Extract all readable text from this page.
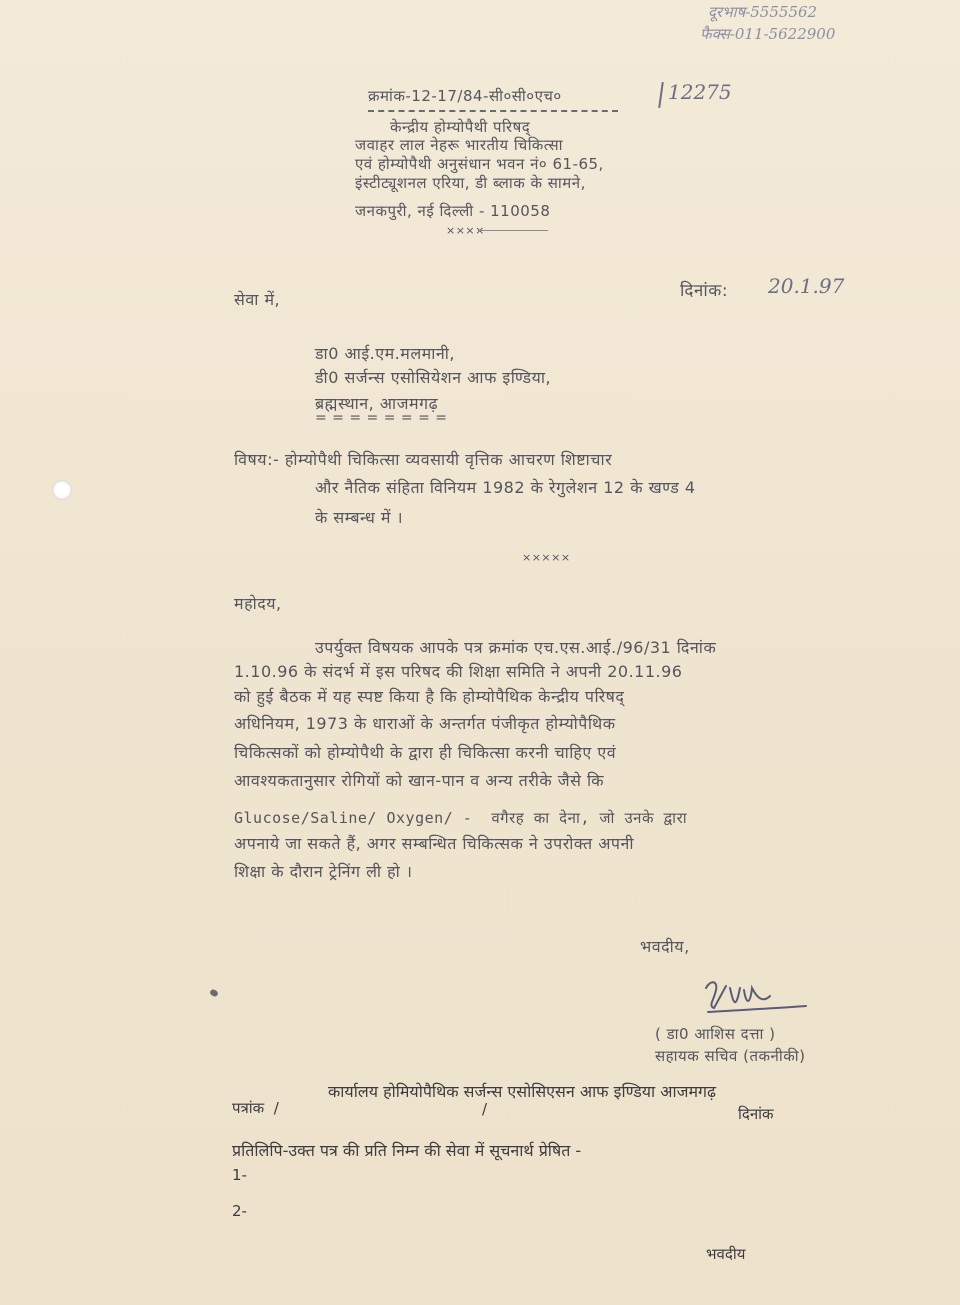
दूरभाष-5555562
फैक्स-011-5622900
क्रमांक-12-17/84-सी०सी०एच०	12275
केन्द्रीय होम्योपैथी परिषद्
जवाहर लाल नेहरू भारतीय चिकित्सा
एवं होम्योपैथी अनुसंधान भवन नं० 61-65,
इंस्टीट्यूशनल एरिया, डी ब्लाक के सामने,
जनकपुरी, नई दिल्ली - 110058
××××
दिनांक: 20.1.97
सेवा में,
डा0 आई.एम.मलमानी,
डी0 सर्जन्स एसोसियेशन आफ इण्डिया,
ब्रह्मस्थान, आजमगढ़
= = = = = = = =
विषय:- होम्योपैथी चिकित्सा व्यवसायी वृत्तिक आचरण शिष्टाचार
और नैतिक संहिता विनियम 1982 के रेगुलेशन 12 के खण्ड 4
के सम्बन्ध में ।
×××××
महोदय,
उपर्युक्त विषयक आपके पत्र क्रमांक एच.एस.आई./96/31 दिनांक
1.10.96 के संदर्भ में इस परिषद की शिक्षा समिति ने अपनी 20.11.96
को हुई बैठक में यह स्पष्ट किया है कि होम्योपैथिक केन्द्रीय परिषद्
अधिनियम, 1973 के धाराओं के अन्तर्गत पंजीकृत होम्योपैथिक
चिकित्सकों को होम्योपैथी के द्वारा ही चिकित्सा करनी चाहिए एवं
आवश्यकतानुसार रोगियों को खान-पान व अन्य तरीके जैसे कि
Glucose/Saline/ Oxygen/ -  वगैरह का देना, जो उनके द्वारा
अपनाये जा सकते हैं, अगर सम्बन्धित चिकित्सक ने उपरोक्त अपनी
शिक्षा के दौरान ट्रेनिंग ली हो ।
भवदीय,
( डा0 आशिस दत्ता )
सहायक सचिव (तकनीकी)
कार्यालय होमियोपैथिक सर्जन्स एसोसिएसन आफ इण्डिया आजमगढ़
पत्रांक  /	/	दिनांक
प्रतिलिपि-उक्त पत्र की प्रति निम्न की सेवा में सूचनार्थ प्रेषित -
1-
2-
भवदीय
